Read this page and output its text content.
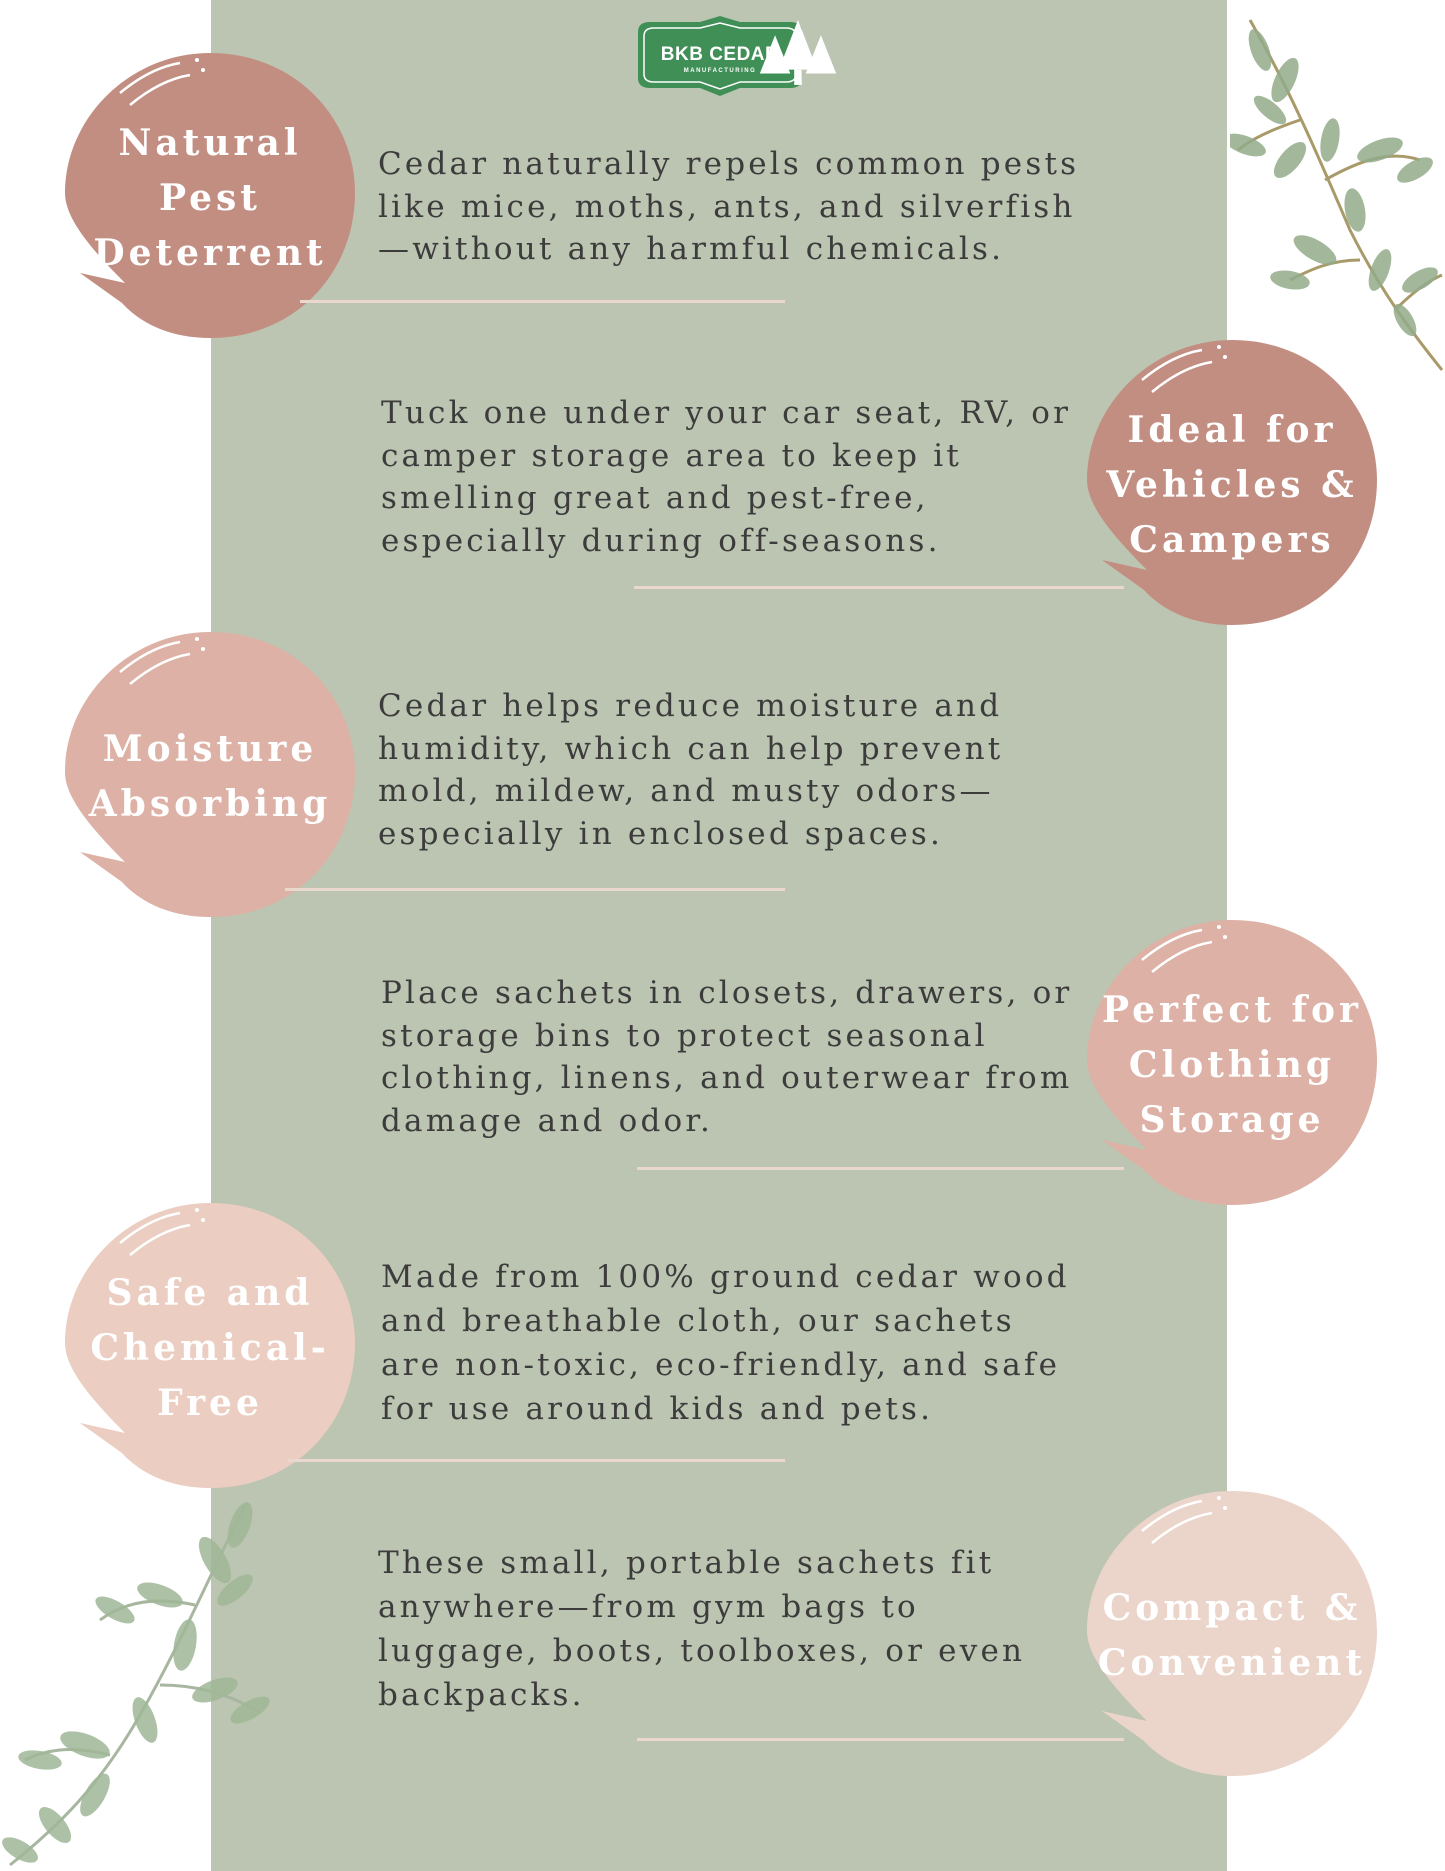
BKB CEDAR
MANUFACTURING
Natural
Pest
Deterrent
Cedar naturally repels common pests like mice, moths, ants, and silverfish—without any harmful chemicals.
Ideal for
Vehicles &
Campers
Tuck one under your car seat, RV, or camper storage area to keep it smelling great and pest-free, especially during off-seasons.
Moisture
Absorbing
Cedar helps reduce moisture and humidity, which can help prevent mold, mildew, and musty odors—especially in enclosed spaces.
Perfect for
Clothing
Storage
Place sachets in closets, drawers, or storage bins to protect seasonal clothing, linens, and outerwear from damage and odor.
Safe and
Chemical-
Free
Made from 100% ground cedar wood and breathable cloth, our sachets are non-toxic, eco-friendly, and safe for use around kids and pets.
Compact &
Convenient
These small, portable sachets fit anywhere—from gym bags to luggage, boots, toolboxes, or even backpacks.
